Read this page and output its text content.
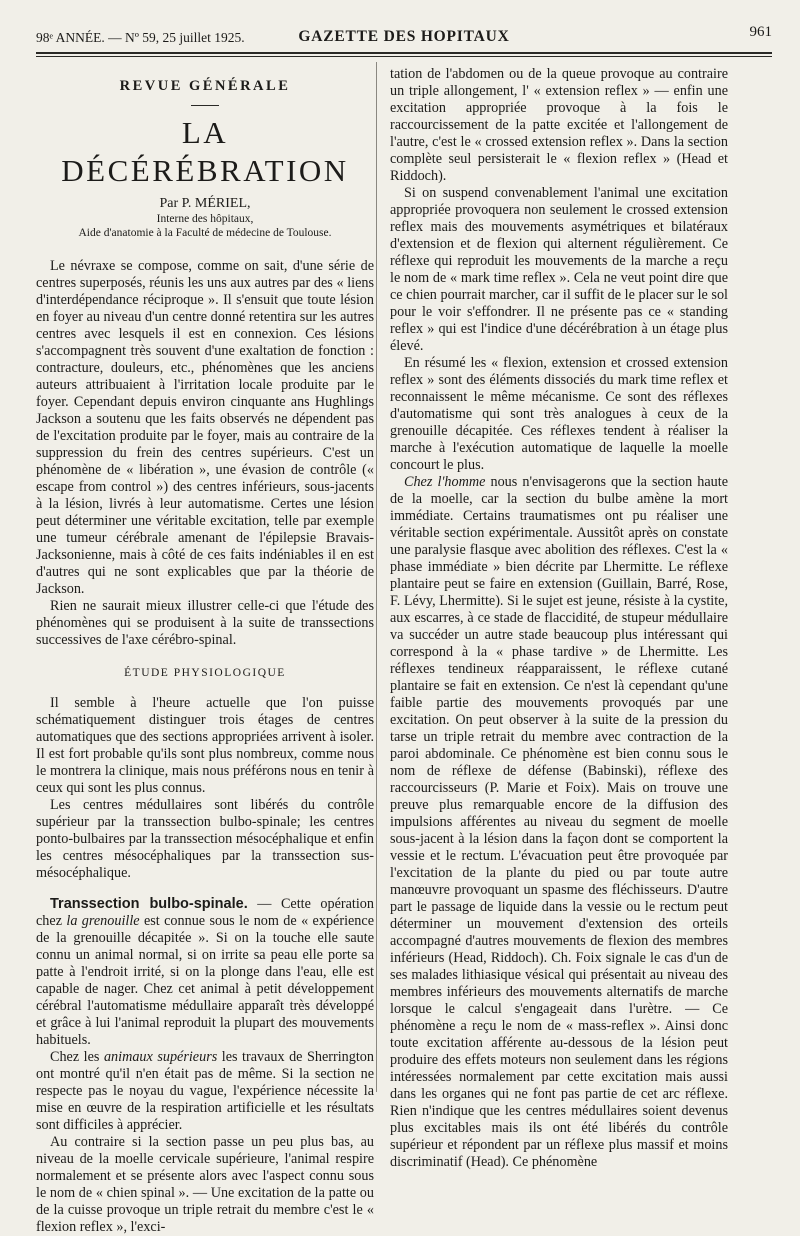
98ᵉ ANNÉE. — Nº 59, 25 juillet 1925.	GAZETTE DES HOPITAUX	961
REVUE GÉNÉRALE
LA DÉCÉRÉBRATION
Par P. MÉRIEL,
Interne des hôpitaux,
Aide d'anatomie à la Faculté de médecine de Toulouse.

Le névraxe se compose, comme on sait, d'une série de centres superposés, réunis les uns aux autres par des « liens d'interdépendance réciproque ». Il s'ensuit que toute lésion en foyer au niveau d'un centre donné retentira sur les autres centres avec lesquels il est en connexion. Ces lésions s'accompagnent très souvent d'une exaltation de fonction : contracture, douleurs, etc., phénomènes que les anciens auteurs attribuaient à l'irritation locale produite par le foyer. Cependant depuis environ cinquante ans Hughlings Jackson a soutenu que les faits observés ne dépendent pas de l'excitation produite par le foyer, mais au contraire de la suppression du frein des centres supérieurs. C'est un phénomène de « libération », une évasion de contrôle (« escape from control ») des centres inférieurs, sous-jacents à la lésion, livrés à leur automatisme. Certes une lésion peut déterminer une véritable excitation, telle par exemple une tumeur cérébrale amenant de l'épilepsie Bravais-Jacksonienne, mais à côté de ces faits indéniables il en est d'autres qui ne sont explicables que par la théorie de Jackson.

Rien ne saurait mieux illustrer celle-ci que l'étude des phénomènes qui se produisent à la suite de transsections successives de l'axe cérébro-spinal.

ÉTUDE PHYSIOLOGIQUE

Il semble à l'heure actuelle que l'on puisse schématiquement distinguer trois étages de centres automatiques que des sections appropriées arrivent à isoler. Il est fort probable qu'ils sont plus nombreux, comme nous le montrera la clinique, mais nous préférons nous en tenir à ceux qui sont les plus connus.

Les centres médullaires sont libérés du contrôle supérieur par la transsection bulbo-spinale; les centres ponto-bulbaires par la transsection mésocéphalique et enfin les centres mésocéphaliques par la transsection sus-mésocéphalique.

Transsection bulbo-spinale. — Cette opération chez la grenouille est connue sous le nom de « expérience de la grenouille décapitée ». Si on la touche elle saute connu un animal normal, si on irrite sa peau elle porte sa patte à l'endroit irrité, si on la plonge dans l'eau, elle est capable de nager. Chez cet animal à petit développement cérébral l'automatisme médullaire apparaît très développé et grâce à lui l'animal reproduit la plupart des mouvements habituels.

Chez les animaux supérieurs les travaux de Sherrington ont montré qu'il n'en était pas de même. Si la section ne respecte pas le noyau du vague, l'expérience nécessite la mise en œuvre de la respiration artificielle et les résultats sont difficiles à apprécier.

Au contraire si la section passe un peu plus bas, au niveau de la moelle cervicale supérieure, l'animal respire normalement et se présente alors avec l'aspect connu sous le nom de « chien spinal ». — Une excitation de la patte ou de la cuisse provoque un triple retrait du membre c'est le « flexion reflex », l'exci-

tation de l'abdomen ou de la queue provoque au contraire un triple allongement, l' « extension reflex » — enfin une excitation appropriée provoque à la fois le raccourcissement de la patte excitée et l'allongement de l'autre, c'est le « crossed extension reflex ». Dans la section complète seul persisterait le « flexion reflex » (Head et Riddoch).

Si on suspend convenablement l'animal une excitation appropriée provoquera non seulement le crossed extension reflex mais des mouvements asymétriques et bilatéraux d'extension et de flexion qui alternent régulièrement. Ce réflexe qui reproduit les mouvements de la marche a reçu le nom de « mark time reflex ». Cela ne veut point dire que ce chien pourrait marcher, car il suffit de le placer sur le sol pour le voir s'effondrer. Il ne présente pas ce « standing reflex » qui est l'indice d'une décérébration à un étage plus élevé.

En résumé les « flexion, extension et crossed extension reflex » sont des éléments dissociés du mark time reflex et reconnaissent le même mécanisme. Ce sont des réflexes d'automatisme qui sont très analogues à ceux de la grenouille décapitée. Ces réflexes tendent à réaliser la marche à l'exécution automatique de laquelle la moelle concourt le plus.

Chez l'homme nous n'envisagerons que la section haute de la moelle, car la section du bulbe amène la mort immédiate. Certains traumatismes ont pu réaliser une véritable section expérimentale. Aussitôt après on constate une paralysie flasque avec abolition des réflexes. C'est la « phase immédiate » bien décrite par Lhermitte. Le réflexe plantaire peut se faire en extension (Guillain, Barré, Rose, F. Lévy, Lhermitte). Si le sujet est jeune, résiste à la cystite, aux escarres, à ce stade de flaccidité, de stupeur médullaire va succéder un autre stade beaucoup plus intéressant qui correspond à la « phase tardive » de Lhermitte. Les réflexes tendineux réapparaissent, le réflexe cutané plantaire se fait en extension. Ce n'est là cependant qu'une faible partie des mouvements provoqués par une excitation. On peut observer à la suite de la pression du tarse un triple retrait du membre avec contraction de la paroi abdominale. Ce phénomène est bien connu sous le nom de réflexe de défense (Babinski), réflexe des raccourcisseurs (P. Marie et Foix). Mais on trouve une preuve plus remarquable encore de la diffusion des impulsions afférentes au niveau du segment de moelle sous-jacent à la lésion dans la façon dont se comportent la vessie et le rectum. L'évacuation peut être provoquée par l'excitation de la plante du pied ou par toute autre manœuvre provoquant un spasme des fléchisseurs. D'autre part le passage de liquide dans la vessie ou le rectum peut déterminer un mouvement d'extension des orteils accompagné d'autres mouvements de flexion des membres inférieurs (Head, Riddoch). Ch. Foix signale le cas d'un de ses malades lithiasique vésical qui présentait au niveau des membres inférieurs des mouvements alternatifs de marche lorsque le calcul s'engageait dans l'urètre. — Ce phénomène a reçu le nom de « mass-reflex ». Ainsi donc toute excitation afférente au-dessous de la lésion peut produire des effets moteurs non seulement dans les régions intéressées normalement par cette excitation mais aussi dans les organes qui ne font pas partie de cet arc réflexe. Rien n'indique que les centres médullaires soient devenus plus excitables mais ils ont été libérés du contrôle supérieur et répondent par un réflexe plus massif et moins discriminatif (Head). Ce phénomène
